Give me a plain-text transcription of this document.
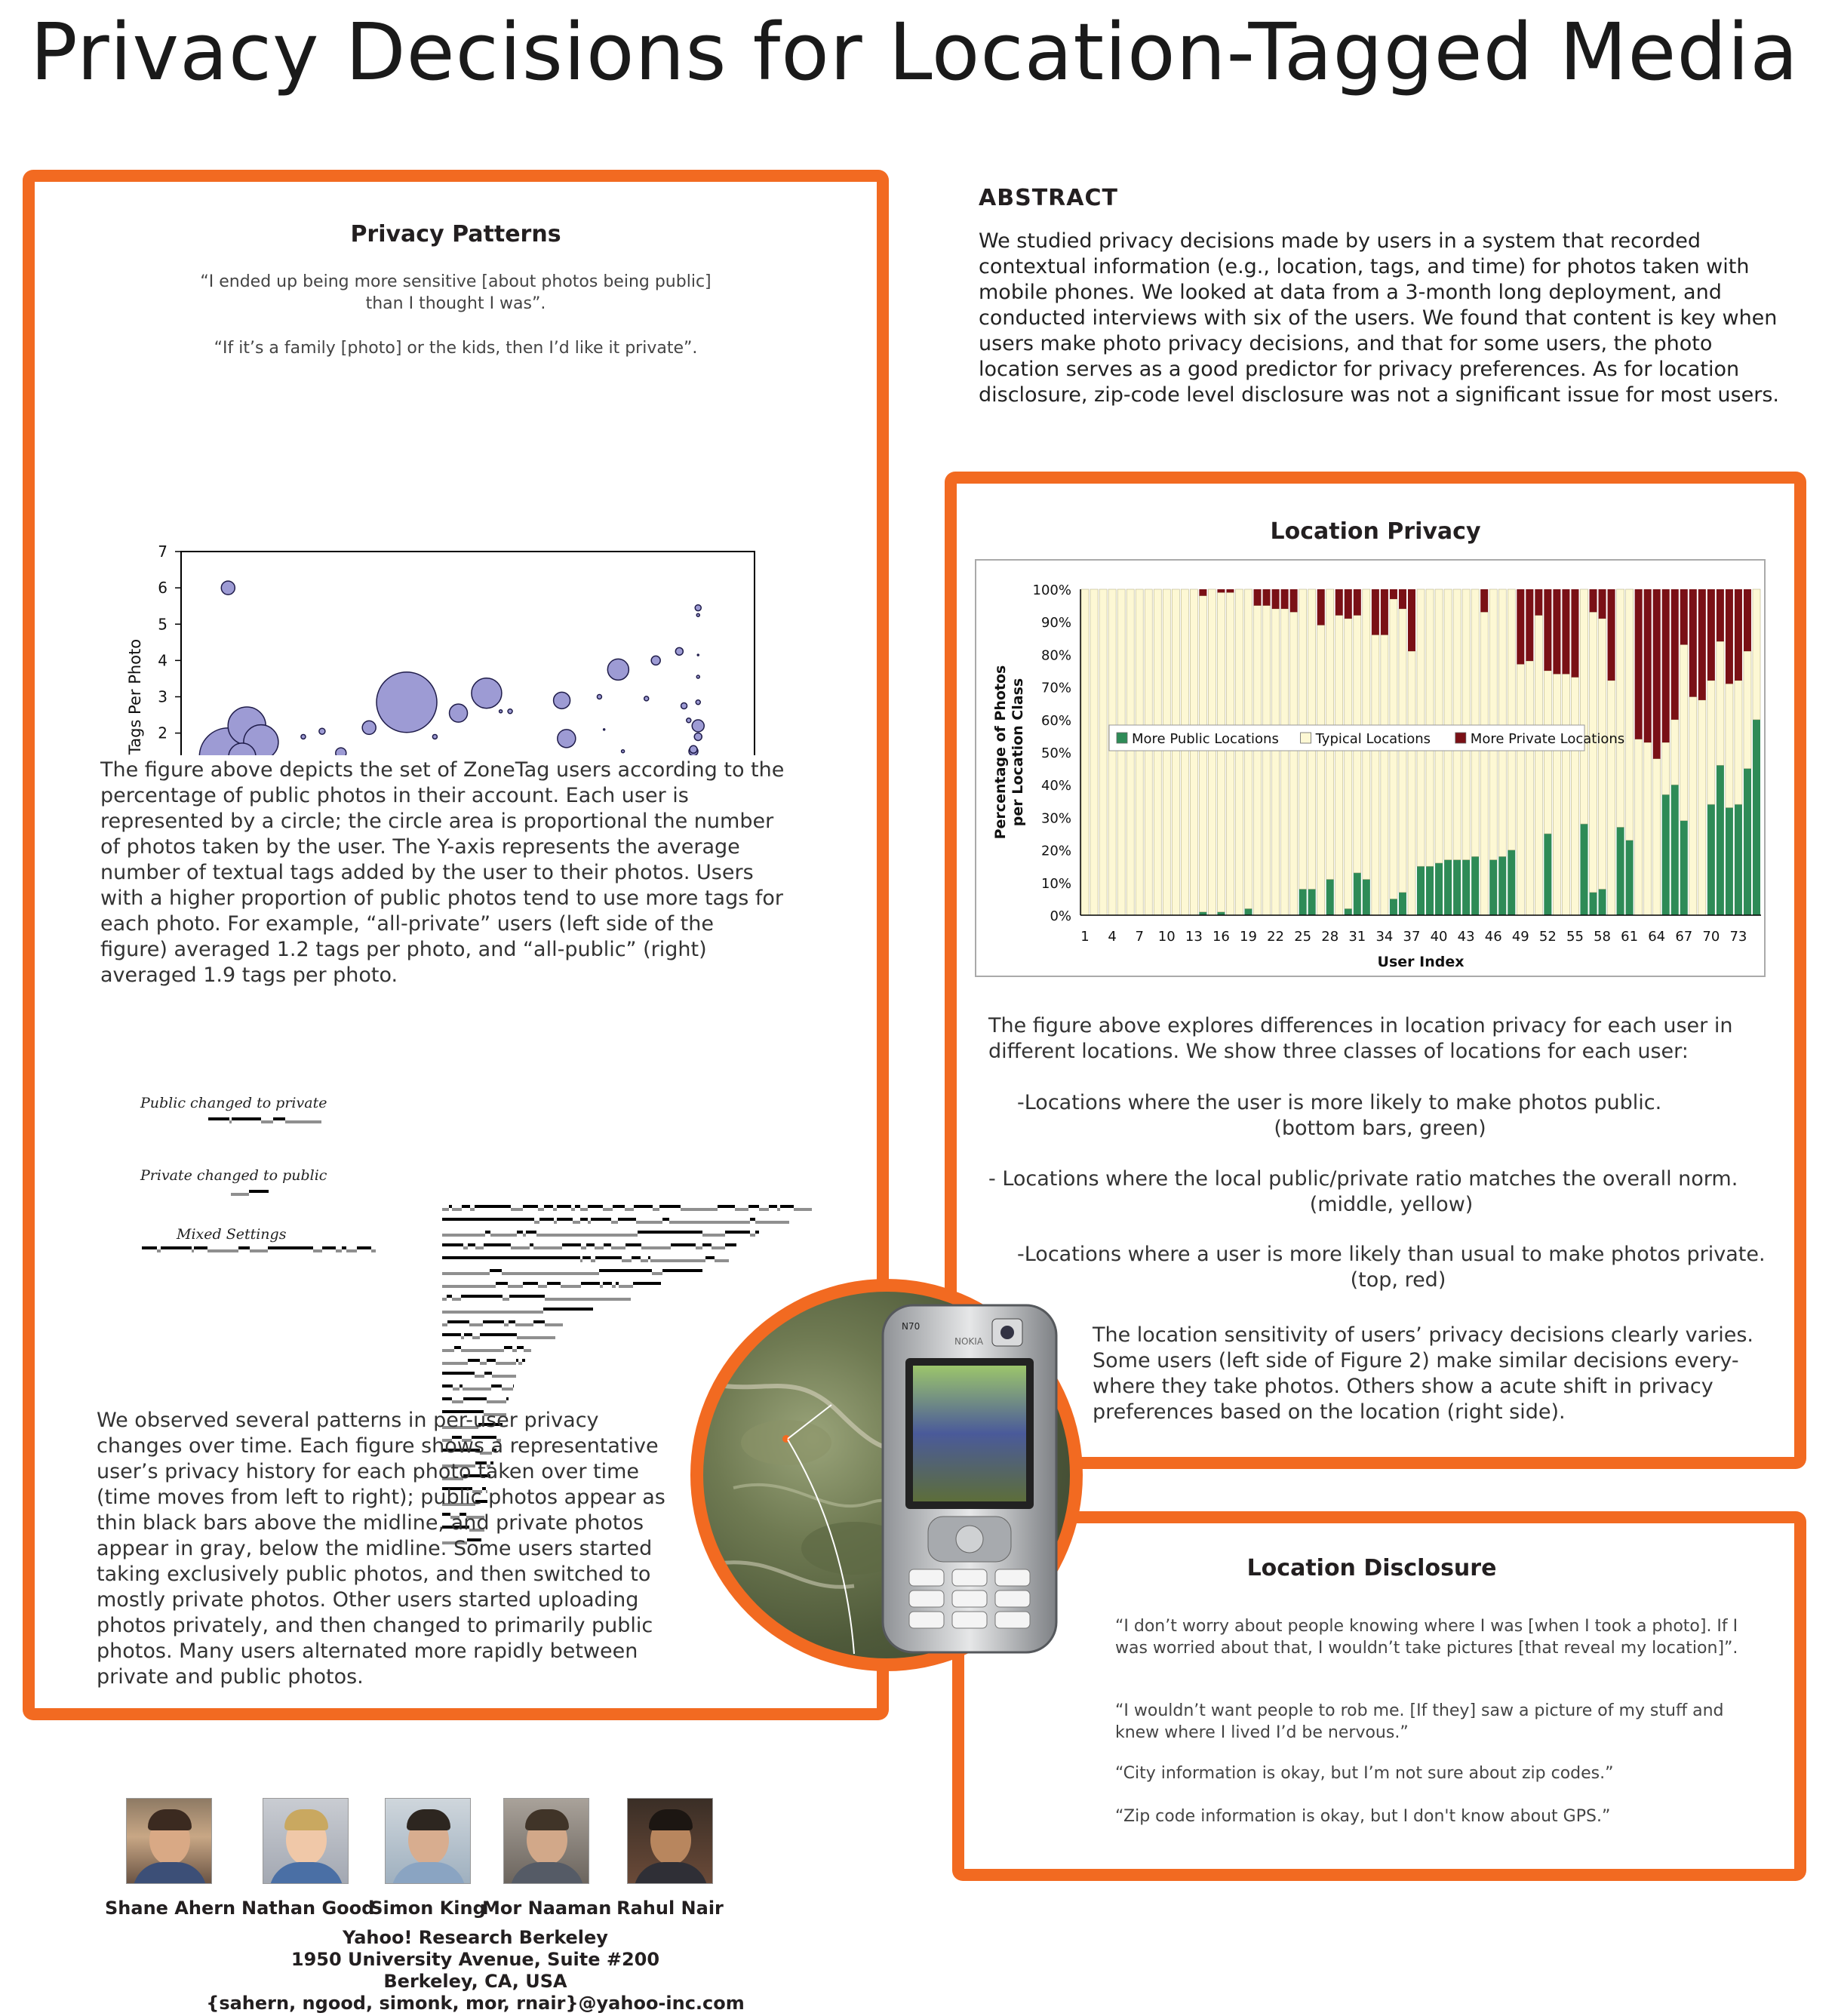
Privacy Decisions for Location-Tagged Media
ABSTRACT
We studied privacy decisions made by users in a system that recorded contextual information (e.g., location, tags, and time) for photos taken with mobile phones. We looked at data from a 3-month long deployment, and conducted interviews with six of the users. We found that content is key when users make photo privacy decisions, and that for some users, the photo location serves as a good predictor for privacy preferences. As for location disclosure, zip-code level disclosure was not a significant issue for most users.
Privacy Patterns
“I ended up being more sensitive [about photos being public]
than I thought I was”.
“If it’s a family [photo] or the kids, then I’d like it private”.
2
3
4
5
6
7
Tags Per Photo
The figure above depicts the set of ZoneTag users according to the percentage of public photos in their account. Each user is represented by a circle; the circle area is proportional the number of photos taken by the user. The Y-axis represents the average number of textual tags added by the user to their photos. Users with a higher proportion of public photos tend to use more tags for each photo. For example, “all-private” users (left side of the figure) averaged 1.2 tags per photo, and “all-public” (right) averaged 1.9 tags per photo.
Public changed to private
Private changed to public
Mixed Settings
We observed several patterns in per-user privacy changes over time. Each figure shows a representative user’s privacy history for each photo taken over time (time moves from left to right); public photos appear as thin black bars above the midline, and private photos appear in gray, below the midline. Some users started taking exclusively public photos, and then switched to mostly private photos. Other users started uploading photos privately, and then changed to primarily public photos. Many users alternated more rapidly between private and public photos.
Location Privacy
0%
10%
20%
30%
40%
50%
60%
70%
80%
90%
100%
1 4 7 10 13 16 19 22 25 28 31 34 37 40 43 46 49 52 55 58 61 64 67 70 73
User Index
Percentage of Photos per Location Class	More Public Locations	Typical Locations	More Private Locations
The figure above explores differences in location privacy for each user in different locations. We show three classes of locations for each user:
-Locations where the user is more likely to make photos public.
(bottom bars, green)
- Locations where the local public/private ratio matches the overall norm.
(middle, yellow)
-Locations where a user is more likely than usual to make photos private.
(top, red)
The location sensitivity of users’ privacy decisions clearly varies. Some users (left side of Figure 2) make similar decisions every-where they take photos. Others show a acute shift in privacy preferences based on the location (right side).
Location Disclosure
“I don’t worry about people knowing where I was [when I took a photo]. If I was worried about that, I wouldn’t take pictures [that reveal my location]”.
“I wouldn’t want people to rob me. [If they] saw a picture of my stuff and knew where I lived I’d be nervous.”
“City information is okay, but I’m not sure about zip codes.”
“Zip code information is okay, but I don't know about GPS.”
N70
NOKIA
Shane Ahern Nathan Good
Simon King
Mor Naaman Rahul Nair
Yahoo! Research Berkeley
1950 University Avenue, Suite #200
Berkeley, CA, USA
{sahern, ngood, simonk, mor, rnair}@yahoo-inc.com
